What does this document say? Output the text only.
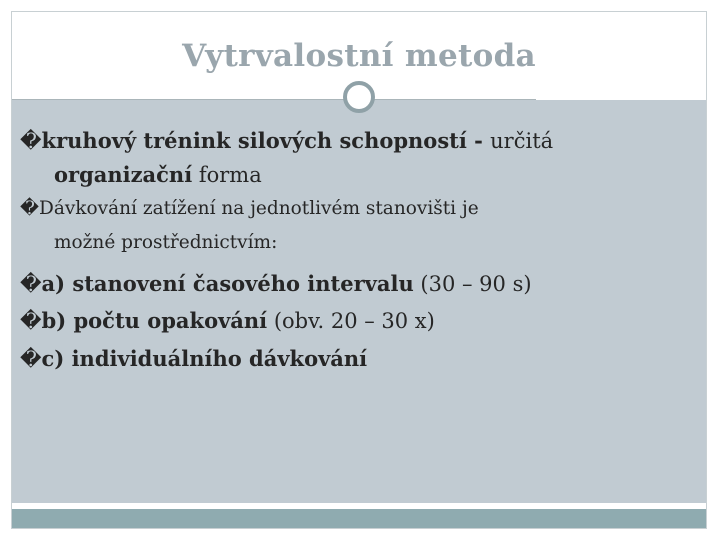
Vytrvalostní metoda
�kruhový trénink silových schopností - určitá
organizační forma
�Dávkování zatížení na jednotlivém stanovišti je
možné prostřednictvím:
�a) stanovení časového intervalu (30 – 90 s)
�b) počtu opakování (obv. 20 – 30 x)
�c) individuálního dávkování
